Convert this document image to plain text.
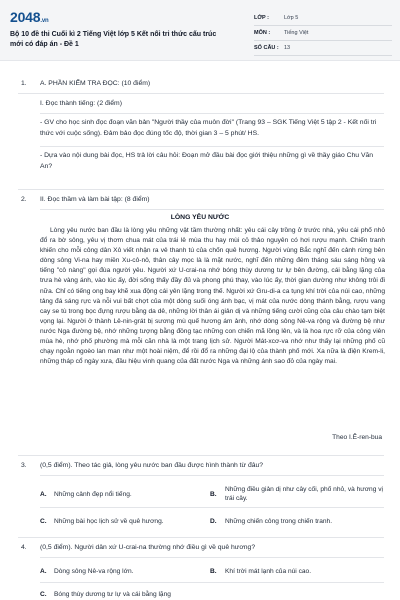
2048.vn
Bộ 10 đề thi Cuối kì 2 Tiếng Việt lớp 5 Kết nối tri thức cấu trúc mới có đáp án - Đề 1
LỚP :	Lớp 5
MÔN :	Tiếng Việt
SỐ CÂU : 13
1. A. PHẦN KIỂM TRA ĐỌC: (10 điểm)
I. Đọc thành tiếng: (2 điểm)
- GV cho học sinh đọc đoạn văn bản "Người thầy của muôn đời" (Trang 93 – SGK Tiếng Việt 5 tập 2 - Kết nối tri thức với cuộc sống). Đảm bảo đọc đúng tốc độ, thời gian 3 – 5 phút/ HS.
- Dựa vào nội dung bài đọc, HS trả lời câu hỏi: Đoạn mở đầu bài đọc giới thiệu những gì về thầy giáo Chu Văn An?
2. II. Đọc thầm và làm bài tập: (8 điểm)
LÒNG YÊU NƯỚC
Lòng yêu nước ban đầu là lòng yêu những vật tầm thường nhất: yêu cái cây trồng ở trước nhà, yêu cái phố nhỏ đổ ra bờ sông, yêu vị thơm chua mát của trái lê mùa thu hay mùi cỏ thảo nguyên có hơi rượu mạnh. Chiến tranh khiến cho mỗi công dân Xô viết nhận ra vẻ thanh tú của chốn quê hương. Người vùng Bắc nghĩ đến cảnh rừng bên dòng sông Vi-na hay miền Xu-cô-nô, thân cây mọc là là mặt nước, nghĩ đến những đêm tháng sáu sáng hồng và tiếng "cô nàng" gọi đùa người yêu. Người xứ U-crai-na nhớ bóng thùy dương tư lự bên đường, cái bằng lặng của trưa hè vàng ánh, vào lúc ấy, đời sống thấy đầy đủ và phong phú thay, vào lúc ấy, thời gian dường như không trôi đi nữa. Chỉ có tiếng ong bay khẽ xua động cái yên lặng trong thế. Người xứ Gru-di-a ca tụng khí trời của núi cao, những tảng đá sáng rực và nỗi vui bất chợt của một dòng suối óng ánh bạc, vị mát của nước dòng thánh bằng, rượu vang cay se tù trong bọc đựng rượu bằng da dê, những lời thân ái giản dị và những tiếng cười cũng của câu chào tạm biệt vọng lại. Người ở thành Lê-nin-grát bị sương mù quế hương ám ảnh, nhớ dòng sông Nê-va rộng và đường bệ như nước Nga đường bệ, nhớ những tượng bằng đồng tạc những con chiến mã lồng lên, và là hoa rực rỡ của công viên mùa hè, nhớ phố phường mà mỗi căn nhà là một trang lịch sử. Người Mát-xcơ-va nhớ như thấy lại những phố cũ chạy ngoằn ngoèo lan man như một hoài niệm, để rồi đổ ra những đại lộ của thành phố mới. Xa nữa là điện Krem-li, những tháp cổ ngày xưa, đầu hiệu vinh quang của đất nước Nga và những ánh sao đỏ của ngày mai.
Theo I.Ê-ren-bua
3. (0,5 điểm). Theo tác giả, lòng yêu nước ban đầu được hình thành từ đâu?
A. Những cảnh đẹp nổi tiếng.	B.
Những điều giản dị như cây cối, phố nhỏ, và hương vị trái cây.
C. Những bài học lịch sử về quê hương.	D. Những chiến công trong chiến tranh.
4. (0,5 điểm). Người dân xứ U-crai-na thường nhớ điều gì về quê hương?
A. Dòng sông Nê-va rộng lớn.	B. Khí trời mát lạnh của núi cao.
C. Bóng thùy dương tư lự và cái bằng lặng
